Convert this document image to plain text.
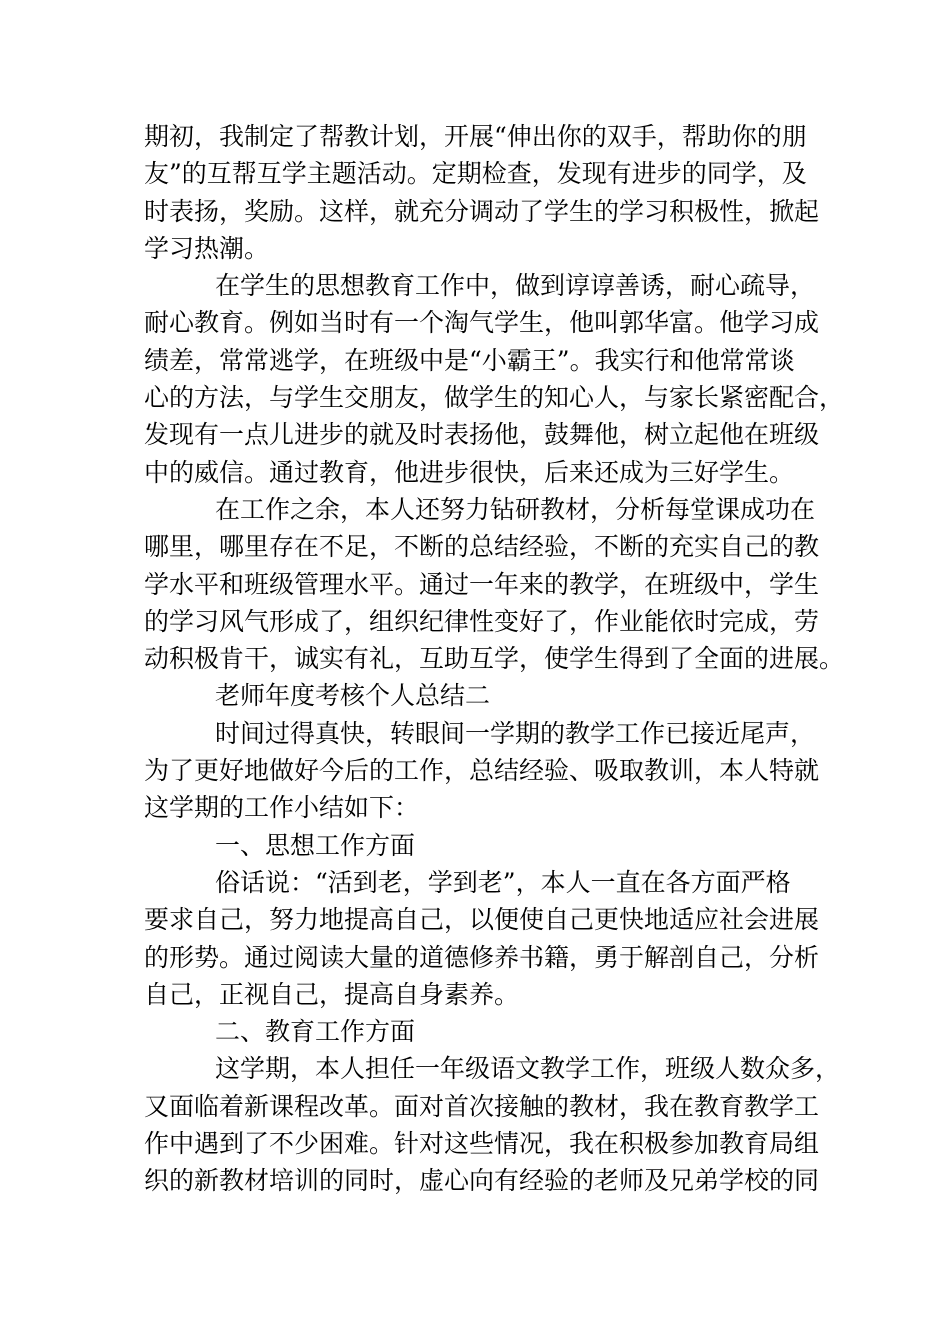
期初，我制定了帮教计划，开展“伸出你的双手，帮助你的朋
友”的互帮互学主题活动。定期检查，发现有进步的同学，及
时表扬，奖励。这样，就充分调动了学生的学习积极性，掀起
学习热潮。
在学生的思想教育工作中，做到谆谆善诱，耐心疏导，
耐心教育。例如当时有一个淘气学生，他叫郭华富。他学习成
绩差，常常逃学，在班级中是“小霸王”。我实行和他常常谈
心的方法，与学生交朋友，做学生的知心人，与家长紧密配合，
发现有一点儿进步的就及时表扬他，鼓舞他，树立起他在班级
中的威信。通过教育，他进步很快，后来还成为三好学生。
在工作之余，本人还努力钻研教材，分析每堂课成功在
哪里，哪里存在不足，不断的总结经验，不断的充实自己的教
学水平和班级管理水平。通过一年来的教学，在班级中，学生
的学习风气形成了，组织纪律性变好了，作业能依时完成，劳
动积极肯干，诚实有礼，互助互学，使学生得到了全面的进展。
老师年度考核个人总结二
时间过得真快，转眼间一学期的教学工作已接近尾声，
为了更好地做好今后的工作，总结经验、吸取教训，本人特就
这学期的工作小结如下：
一、思想工作方面
俗话说：“活到老，学到老”，本人一直在各方面严格
要求自己，努力地提高自己，以便使自己更快地适应社会进展
的形势。通过阅读大量的道德修养书籍，勇于解剖自己，分析
自己，正视自己，提高自身素养。
二、教育工作方面
这学期，本人担任一年级语文教学工作，班级人数众多，
又面临着新课程改革。面对首次接触的教材，我在教育教学工
作中遇到了不少困难。针对这些情况，我在积极参加教育局组
织的新教材培训的同时，虚心向有经验的老师及兄弟学校的同
